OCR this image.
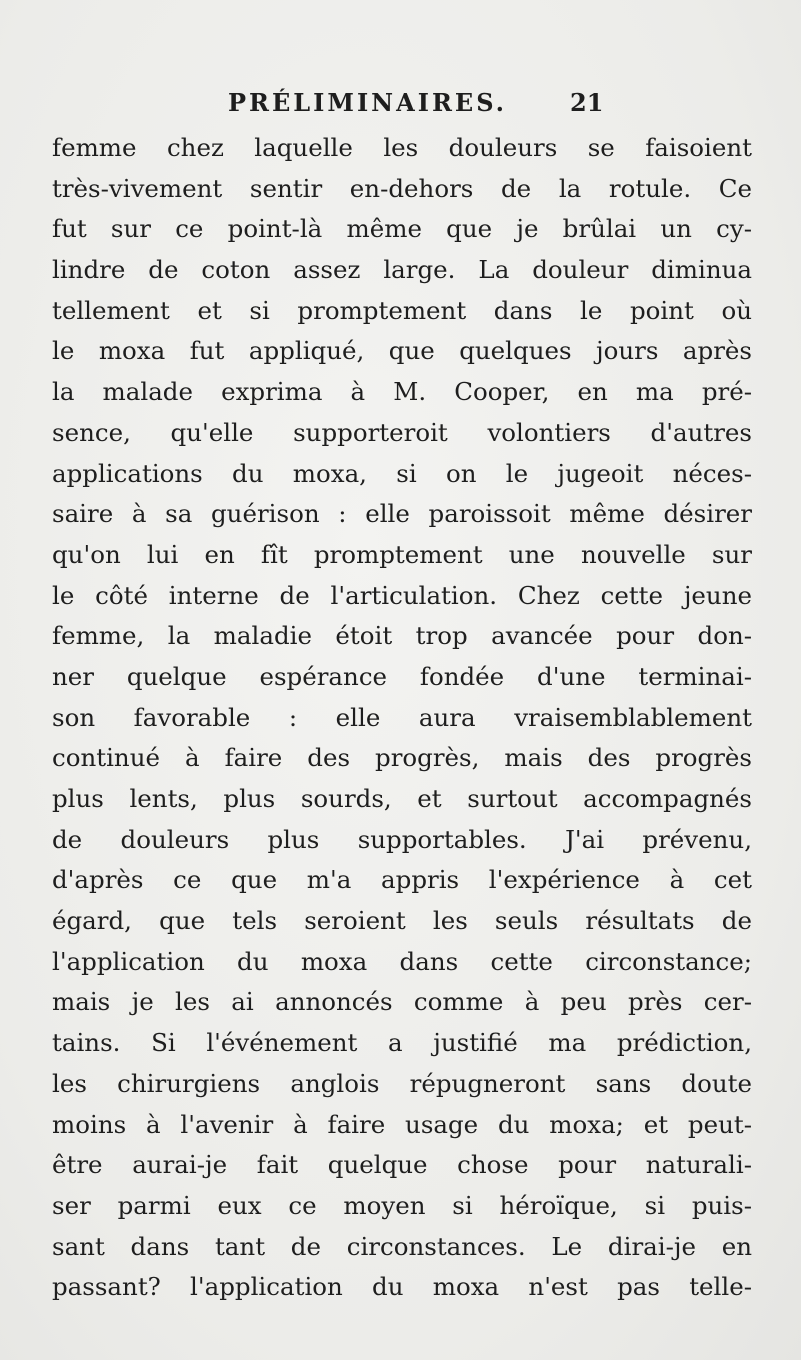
PRÉLIMINAIRES.	21
femme chez laquelle les douleurs se faisoient
très-vivement sentir en-dehors de la rotule. Ce
fut sur ce point-là même que je brûlai un cy-
lindre de coton assez large. La douleur diminua
tellement et si promptement dans le point où
le moxa fut appliqué, que quelques jours après
la malade exprima à M. Cooper, en ma pré-
sence, qu'elle supporteroit volontiers d'autres
applications du moxa, si on le jugeoit néces-
saire à sa guérison : elle paroissoit même désirer
qu'on lui en fît promptement une nouvelle sur
le côté interne de l'articulation. Chez cette jeune
femme, la maladie étoit trop avancée pour don-
ner quelque espérance fondée d'une terminai-
son favorable : elle aura vraisemblablement
continué à faire des progrès, mais des progrès
plus lents, plus sourds, et surtout accompagnés
de douleurs plus supportables. J'ai prévenu,
d'après ce que m'a appris l'expérience à cet
égard, que tels seroient les seuls résultats de
l'application du moxa dans cette circonstance;
mais je les ai annoncés comme à peu près cer-
tains. Si l'événement a justifié ma prédiction,
les chirurgiens anglois répugneront sans doute
moins à l'avenir à faire usage du moxa; et peut-
être aurai-je fait quelque chose pour naturali-
ser parmi eux ce moyen si héroïque, si puis-
sant dans tant de circonstances. Le dirai-je en
passant? l'application du moxa n'est pas telle-
